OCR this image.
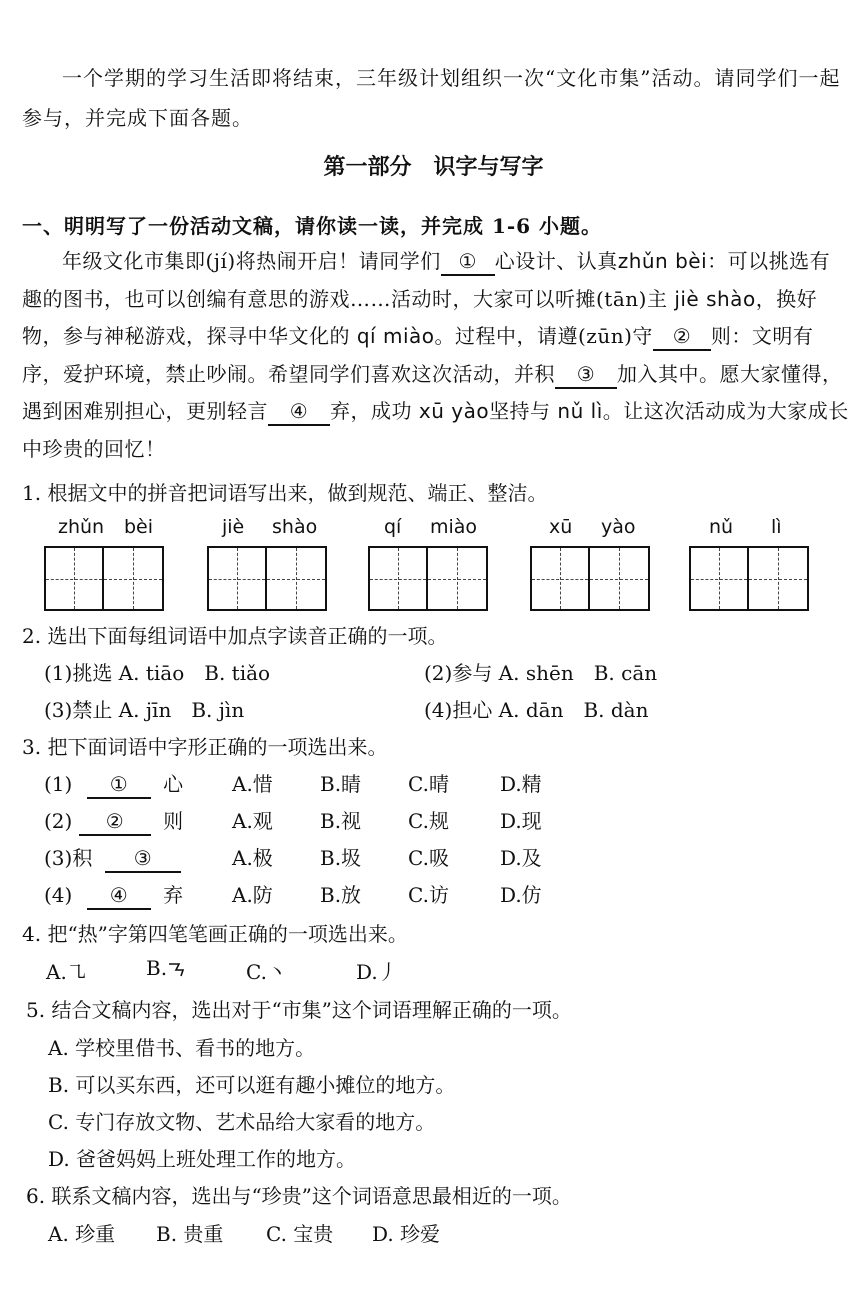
一个学期的学习生活即将结束，三年级计划组织一次“文化市集”活动。请同学们一起参与，并完成下面各题。
第一部分　识字与写字
一、明明写了一份活动文稿，请你读一读，并完成 1-6 小题。
年级文化市集即(jí)将热闹开启！请同学们 ① 心设计、认真zhǔn bèi：可以挑选有趣的图书，也可以创编有意思的游戏……活动时，大家可以听摊(tān)主 jiè shào，换好物，参与神秘游戏，探寻中华文化的 qí miào。过程中，请遵(zūn)守 ② 则：文明有序，爱护环境，禁止吵闹。希望同学们喜欢这次活动，并积 ③ 加入其中。愿大家懂得，遇到困难别担心，更别轻言 ④ 弃，成功 xū yào坚持与 nǔ lì。让这次活动成为大家成长中珍贵的回忆！
1. 根据文中的拼音把词语写出来，做到规范、端正、整洁。
zhǔn bèi	jiè shào	qí miào	xū yào	nǔ lì
2. 选出下面每组词语中加点字读音正确的一项。
(1)挑选 A. tiāo　B. tiǎo	(2)参与 A. shēn　B. cān
(3)禁止 A. jīn　B. jìn	(4)担心 A. dān　B. dàn
3. 把下面词语中字形正确的一项选出来。
(1) ① 心 A.惜 B.睛 C.晴	D.精
(2) ② 则 A.观 B.视 C.规	D.现
(3)积 ③	A.极 B.圾 C.吸	D.及
(4) ④ 弃 A.防 B.放 C.访	D.仿
4. 把“热”字第四笔笔画正确的一项选出来。
A.㇈	B.	C.丶	D.丿
5. 结合文稿内容，选出对于“市集”这个词语理解正确的一项。
A. 学校里借书、看书的地方。
B. 可以买东西，还可以逛有趣小摊位的地方。
C. 专门存放文物、艺术品给大家看的地方。
D. 爸爸妈妈上班处理工作的地方。
6. 联系文稿内容，选出与“珍贵”这个词语意思最相近的一项。
A. 珍重 B. 贵重 C. 宝贵 D. 珍爱
